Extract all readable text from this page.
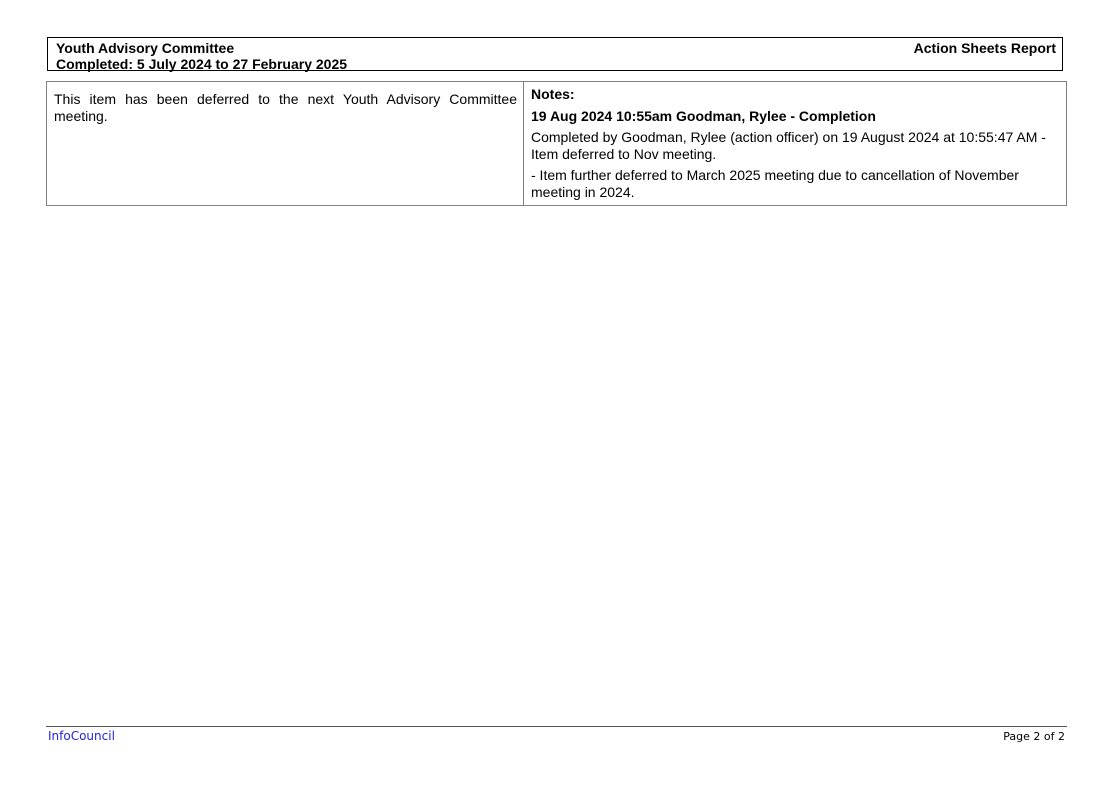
Youth Advisory Committee
Completed: 5 July 2024 to 27 February 2025
Action Sheets Report
This item has been deferred to the next Youth Advisory Committee meeting.
Notes:
19 Aug 2024 10:55am Goodman, Rylee - Completion
Completed by Goodman, Rylee (action officer) on 19 August 2024 at 10:55:47 AM - Item deferred to Nov meeting.
- Item further deferred to March 2025 meeting due to cancellation of November meeting in 2024.
InfoCouncil	Page 2 of 2
